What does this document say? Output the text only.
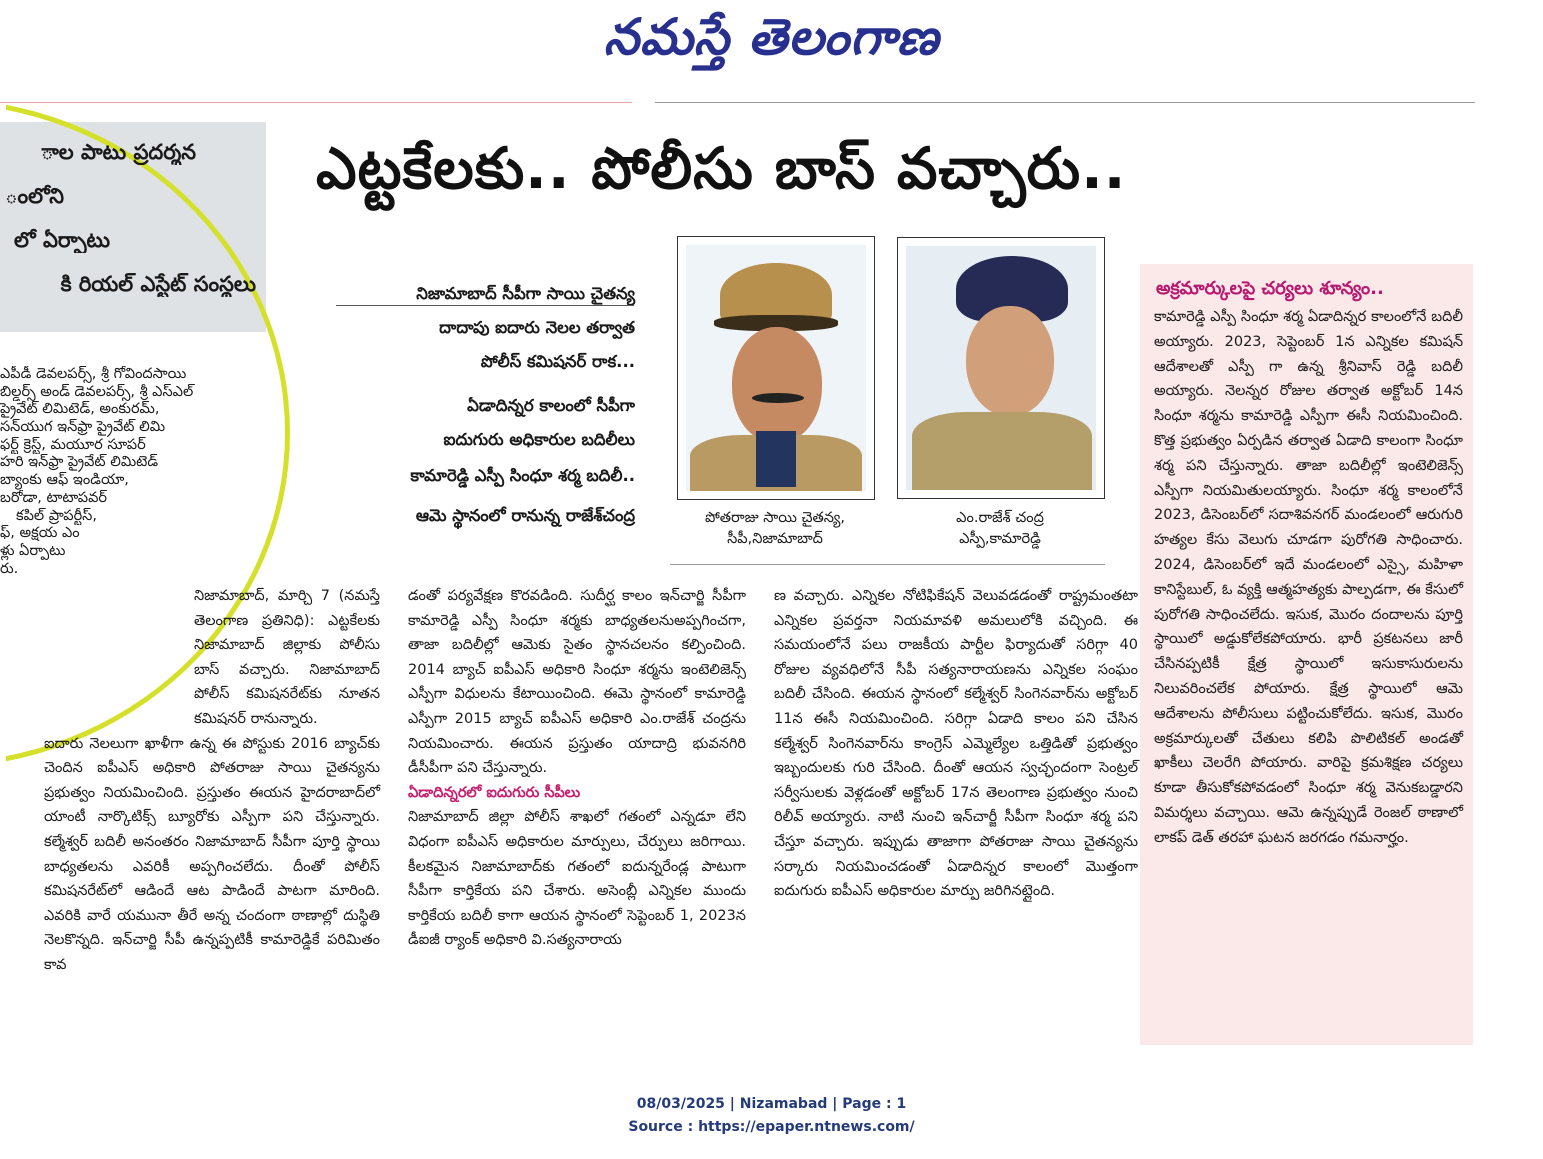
నమస్తే తెలంగాణ
ాల పాటు ప్రదర్శన
ంలోని
లో ఏర్పాటు
కి రియల్ ఎస్టేట్ సంస్థలు
ఎపీడీ డెవలపర్స్, శ్రీ గోవిందసాయి
బిల్డర్స్ అండ్ డెవలపర్స్, శ్రీ ఎస్ఎల్
ప్రైవేట్ లిమిటెడ్, అంకురమ్,
సన్‌యుగ ఇన్‌ఫ్రా ప్రైవేట్ లిమి
ఫర్ట్ క్రెస్ట్, మయూర సూపర్
హరి ఇన్‌ఫ్రా ప్రైవేట్ లిమిటెడ్
బ్యాంకు ఆఫ్ ఇండియా,
బరోడా, టాటాపవర్
కపిల్ ప్రాపర్టీస్,
ఫ్, అక్షయ ఎం
ళ్లు ఏర్పాటు
రు.
ఎట్టకేలకు.. పోలీసు బాస్ వచ్చారు..
నిజామాబాద్ సీపీగా సాయి చైతన్య
దాదాపు ఐదారు నెలల తర్వాత
పోలీస్ కమిషనర్ రాక...
ఏడాదిన్నర కాలంలో సీపీగా
ఐదుగురు అధికారుల బదిలీలు
కామారెడ్డి ఎస్పీ సింధూ శర్మ బదిలీ..
ఆమె స్థానంలో రానున్న రాజేశ్‌చంద్ర	పోతరాజు సాయి చైతన్య,
సీపీ,నిజామాబాద్
ఎం.రాజేశ్ చంద్ర
ఎస్పీ,కామారెడ్డి

నిజామాబాద్, మార్చి 7 (నమస్తే తెలంగాణ ప్రతినిధి): ఎట్టకేలకు నిజామాబాద్ జిల్లాకు పోలీసు బాస్ వచ్చారు. నిజామాబాద్ పోలీస్ కమిషనరేట్‌కు నూతన కమిషనర్ రానున్నారు.

ఐదారు నెలలుగా ఖాళీగా ఉన్న ఈ పోస్టుకు 2016 బ్యాచ్‌కు చెందిన ఐపీఎస్ అధికారి పోతరాజు సాయి చైతన్యను ప్రభుత్వం నియమించింది. ప్రస్తుతం ఈయన హైదరాబాద్‌లో యాంటీ నార్కొటిక్స్ బ్యూరోకు ఎస్పీగా పని చేస్తున్నారు. కల్మేశ్వర్ బదిలీ అనంతరం నిజామాబాద్ సీపీగా పూర్తి స్థాయి బాధ్యతలను ఎవరికీ అప్పగించలేదు. దీంతో పోలీస్ కమిషనరేట్‌లో ఆడిందే ఆట పాడిందే పాటగా మారింది. ఎవరికి వారే యమునా తీరే అన్న చందంగా ఠాణాల్లో దుస్థితి నెలకొన్నది. ఇన్‌చార్జి సీపీ ఉన్నప్పటికీ కామారెడ్డికే పరిమితం కావ

డంతో పర్యవేక్షణ కొరవడింది. సుదీర్ఘ కాలం ఇన్‌చార్జి సీపీగా కామారెడ్డి ఎస్పీ సింధూ శర్మకు బాధ్యతలనుఅప్పగించగా, తాజా బదిలీల్లో ఆమెకు సైతం స్థానచలనం కల్పించింది. 2014 బ్యాచ్ ఐపీఎస్ అధికారి సింధూ శర్మను ఇంటెలిజెన్స్ ఎస్పీగా విధులను కేటాయించింది. ఈమె స్థానంలో కామారెడ్డి ఎస్పీగా 2015 బ్యాచ్ ఐపీఎస్ అధికారి ఎం.రాజేశ్ చంద్రను నియమించారు. ఈయన ప్రస్తుతం యాదాద్రి భువనగిరి డీసీపీగా పని చేస్తున్నారు.

ఏడాదిన్నరలో ఐదుగురు సీపీలు

నిజామాబాద్ జిల్లా పోలీస్ శాఖలో గతంలో ఎన్నడూ లేని విధంగా ఐపీఎస్ అధికారుల మార్పులు, చేర్పులు జరిగాయి. కీలకమైన నిజామాబాద్‌కు గతంలో ఐదున్నరేండ్ల పాటుగా సీపీగా కార్తికేయ పని చేశారు. అసెంబ్లీ ఎన్నికల ముందు కార్తికేయ బదిలీ కాగా ఆయన స్థానంలో సెప్టెంబర్ 1, 2023న డీఐజీ ర్యాంక్ అధికారి వి.సత్యనారాయ

ణ వచ్చారు. ఎన్నికల నోటిఫికేషన్ వెలువడడంతో రాష్ట్రమంతటా ఎన్నికల ప్రవర్తనా నియమావళి అమలులోకి వచ్చింది. ఈ సమయంలోనే పలు రాజకీయ పార్టీల ఫిర్యాదుతో సరిగ్గా 40 రోజుల వ్యవధిలోనే సీపీ సత్యనారాయణను ఎన్నికల సంఘం బదిలీ చేసింది. ఈయన స్థానంలో కల్మేశ్వర్ సింగెనవార్‌ను అక్టోబర్ 11న ఈసీ నియమించింది. సరిగ్గా ఏడాది కాలం పని చేసిన కల్మేశ్వర్ సింగెనవార్‌ను కాంగ్రెస్ ఎమ్మెల్యేల ఒత్తిడితో ప్రభుత్వం ఇబ్బందులకు గురి చేసింది. దీంతో ఆయన స్వచ్ఛందంగా సెంట్రల్ సర్వీసులకు వెళ్లడంతో అక్టోబర్ 17న తెలంగాణ ప్రభుత్వం నుంచి రిలీవ్ అయ్యారు. నాటి నుంచి ఇన్‌చార్జీ సీపీగా సింధూ శర్మ పని చేస్తూ వచ్చారు. ఇప్పుడు తాజాగా పోతరాజు సాయి చైతన్యను సర్కారు నియమించడంతో ఏడాదిన్నర కాలంలో మొత్తంగా ఐదుగురు ఐపీఎస్ అధికారుల మార్పు జరిగినట్లైంది.

అక్రమార్కులపై చర్యలు శూన్యం..
కామారెడ్డి ఎస్పీ సింధూ శర్మ ఏడాదిన్నర కాలంలోనే బదిలీ అయ్యారు. 2023, సెప్టెంబర్ 1న ఎన్నికల కమిషన్ ఆదేశాలతో ఎస్పీ గా ఉన్న శ్రీనివాస్ రెడ్డి బదిలీ అయ్యారు. నెలన్నర రోజుల తర్వాత అక్టోబర్ 14న సింధూ శర్మను కామారెడ్డి ఎస్పీగా ఈసీ నియమించింది. కొత్త ప్రభుత్వం ఏర్పడిన తర్వాత ఏడాది కాలంగా సింధూ శర్మ పని చేస్తున్నారు. తాజా బదిలీల్లో ఇంటెలిజెన్స్ ఎస్పీగా నియమితులయ్యారు. సింధూ శర్మ కాలంలోనే 2023, డిసెంబర్‌లో సదాశివనగర్ మండలంలో ఆరుగురి హత్యల కేసు వెలుగు చూడగా పురోగతి సాధించారు. 2024, డిసెంబర్‌లో ఇదే మండలంలో ఎస్సై, మహిళా కానిస్టేబుల్, ఓ వ్యక్తి ఆత్మహత్యకు పాల్పడగా, ఈ కేసులో పురోగతి సాధించలేదు. ఇసుక, మొరం దందాలను పూర్తి స్థాయిలో అడ్డుకోలేకపోయారు. భారీ ప్రకటనలు జారీ చేసినప్పటికీ క్షేత్ర స్థాయిలో ఇసుకాసురులను నిలువరించలేక పోయారు. క్షేత్ర స్థాయిలో ఆమె ఆదేశాలను పోలీసులు పట్టించుకోలేదు. ఇసుక, మొరం అక్రమార్కులతో చేతులు కలిపి పొలిటికల్ అండతో ఖాకీలు చెలరేగి పోయారు. వారిపై క్రమశిక్షణ చర్యలు కూడా తీసుకోకపోవడంలో సింధూ శర్మ వెనుకబడ్డారని విమర్శలు వచ్చాయి. ఆమె ఉన్నప్పుడే రెంజల్ ఠాణాలో లాకప్ డెత్ తరహా ఘటన జరగడం గమనార్హం.
08/03/2025 | Nizamabad | Page : 1
Source : https://epaper.ntnews.com/
